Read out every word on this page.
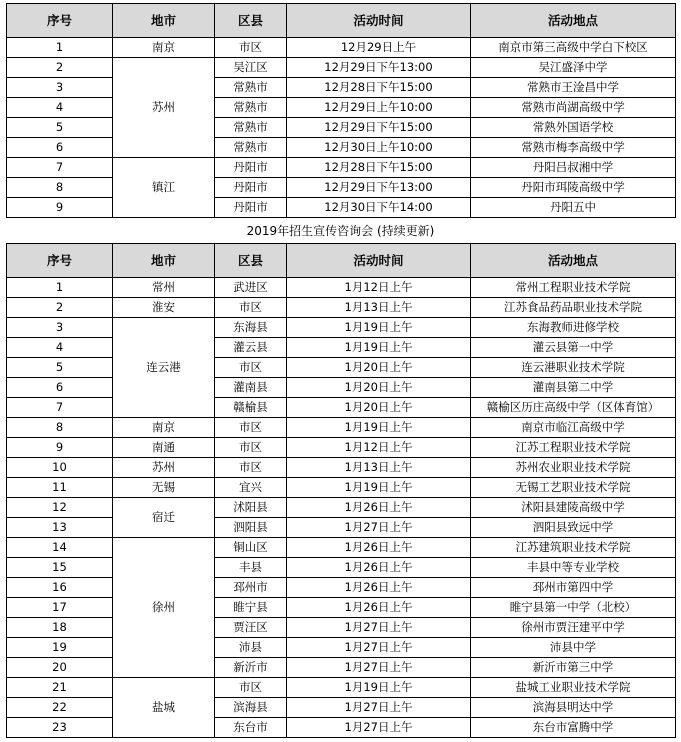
序号	地市	区县	活动时间	活动地点
1	南京	市区	12月29日上午	南京市第三高级中学白下校区
2	苏州	吴江区	12月29日下午13:00	吴江盛泽中学
3		常熟市	12月28日下午15:00	常熟市王淦昌中学
4		常熟市	12月29日上午10:00	常熟市尚湖高级中学
5		常熟市	12月29日下午15:00	常熟外国语学校
6		常熟市	12月30日上午10:00	常熟市梅李高级中学
7	镇江	丹阳市	12月28日下午15:00	丹阳吕叔湘中学
8		丹阳市	12月29日下午13:00	丹阳市珥陵高级中学
9		丹阳市	12月30日下午14:00	丹阳五中
2019年招生宣传咨询会 (持续更新)
序号	地市	区县	活动时间	活动地点
1	常州	武进区	1月12日上午	常州工程职业技术学院
2	淮安	市区	1月13日上午	江苏食品药品职业技术学院
3	连云港	东海县	1月19日上午	东海教师进修学校
4		灌云县	1月19日上午	灌云县第一中学
5		市区	1月20日上午	连云港职业技术学院
6		灌南县	1月20日上午	灌南县第二中学
7		赣榆县	1月20日上午	赣榆区历庄高级中学（区体育馆）
8	南京	市区	1月19日上午	南京市临江高级中学
9	南通	市区	1月12日上午	江苏工程职业技术学院
10	苏州	市区	1月13日上午	苏州农业职业技术学院
11	无锡	宜兴	1月19日上午	无锡工艺职业技术学院
12	宿迁	沭阳县	1月26日上午	沭阳县建陵高级中学
13		泗阳县	1月27日上午	泗阳县致远中学
14	徐州	铜山区	1月26日上午	江苏建筑职业技术学院
15		丰县	1月26日上午	丰县中等专业学校
16		邳州市	1月26日上午	邳州市第四中学
17		睢宁县	1月26日上午	睢宁县第一中学（北校）
18		贾汪区	1月27日上午	徐州市贾汪建平中学
19		沛县	1月27日上午	沛县中学
20		新沂市	1月27日上午	新沂市第三中学
21	盐城	市区	1月19日上午	盐城工业职业技术学院
22		滨海县	1月27日上午	滨海县明达中学
23		东台市	1月27日上午	东台市富腾中学
